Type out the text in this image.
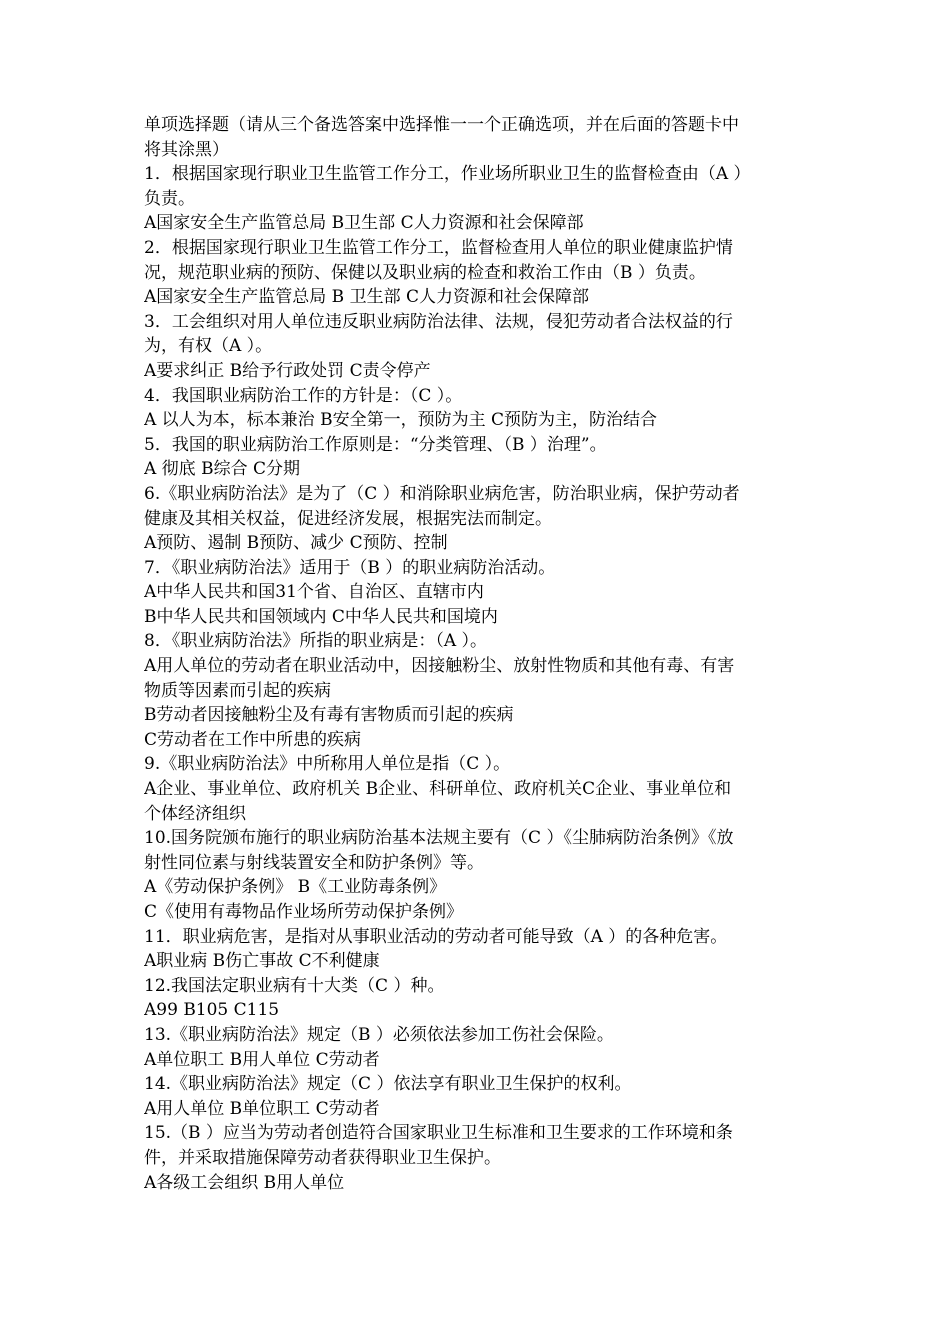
单项选择题（请从三个备选答案中选择惟一一个正确选项，并在后面的答题卡中
将其涂黑）
1．根据国家现行职业卫生监管工作分工，作业场所职业卫生的监督检查由（A ）
负责。
A国家安全生产监管总局 B卫生部 C人力资源和社会保障部
2．根据国家现行职业卫生监管工作分工，监督检查用人单位的职业健康监护情
况，规范职业病的预防、保健以及职业病的检查和救治工作由（B ）负责。
A国家安全生产监管总局 B 卫生部 C人力资源和社会保障部
3．工会组织对用人单位违反职业病防治法律、法规，侵犯劳动者合法权益的行
为，有权（A ）。
A要求纠正 B给予行政处罚 C责令停产
4．我国职业病防治工作的方针是：（C ）。
A 以人为本，标本兼治 B安全第一，预防为主 C预防为主，防治结合
5．我国的职业病防治工作原则是：“分类管理、（B ）治理”。
A 彻底 B综合 C分期
6.《职业病防治法》是为了（C ）和消除职业病危害，防治职业病，保护劳动者
健康及其相关权益，促进经济发展，根据宪法而制定。
A预防、遏制 B预防、减少 C预防、控制
7．《职业病防治法》适用于（B ）的职业病防治活动。
A中华人民共和国31个省、自治区、直辖市内
B中华人民共和国领域内 C中华人民共和国境内
8．《职业病防治法》所指的职业病是：（A ）。
A用人单位的劳动者在职业活动中，因接触粉尘、放射性物质和其他有毒、有害
物质等因素而引起的疾病
B劳动者因接触粉尘及有毒有害物质而引起的疾病
C劳动者在工作中所患的疾病
9.《职业病防治法》中所称用人单位是指（C ）。
A企业、事业单位、政府机关 B企业、科研单位、政府机关C企业、事业单位和
个体经济组织
10.国务院颁布施行的职业病防治基本法规主要有（C ）《尘肺病防治条例》《放
射性同位素与射线装置安全和防护条例》等。
A《劳动保护条例》 B《工业防毒条例》
C《使用有毒物品作业场所劳动保护条例》
11．职业病危害，是指对从事职业活动的劳动者可能导致（A ）的各种危害。
A职业病 B伤亡事故 C不利健康
12.我国法定职业病有十大类（C ）种。
A99 B105 C115
13.《职业病防治法》规定（B ）必须依法参加工伤社会保险。
A单位职工 B用人单位 C劳动者
14.《职业病防治法》规定（C ）依法享有职业卫生保护的权利。
A用人单位 B单位职工 C劳动者
15.（B ）应当为劳动者创造符合国家职业卫生标准和卫生要求的工作环境和条
件，并采取措施保障劳动者获得职业卫生保护。
A各级工会组织 B用人单位
